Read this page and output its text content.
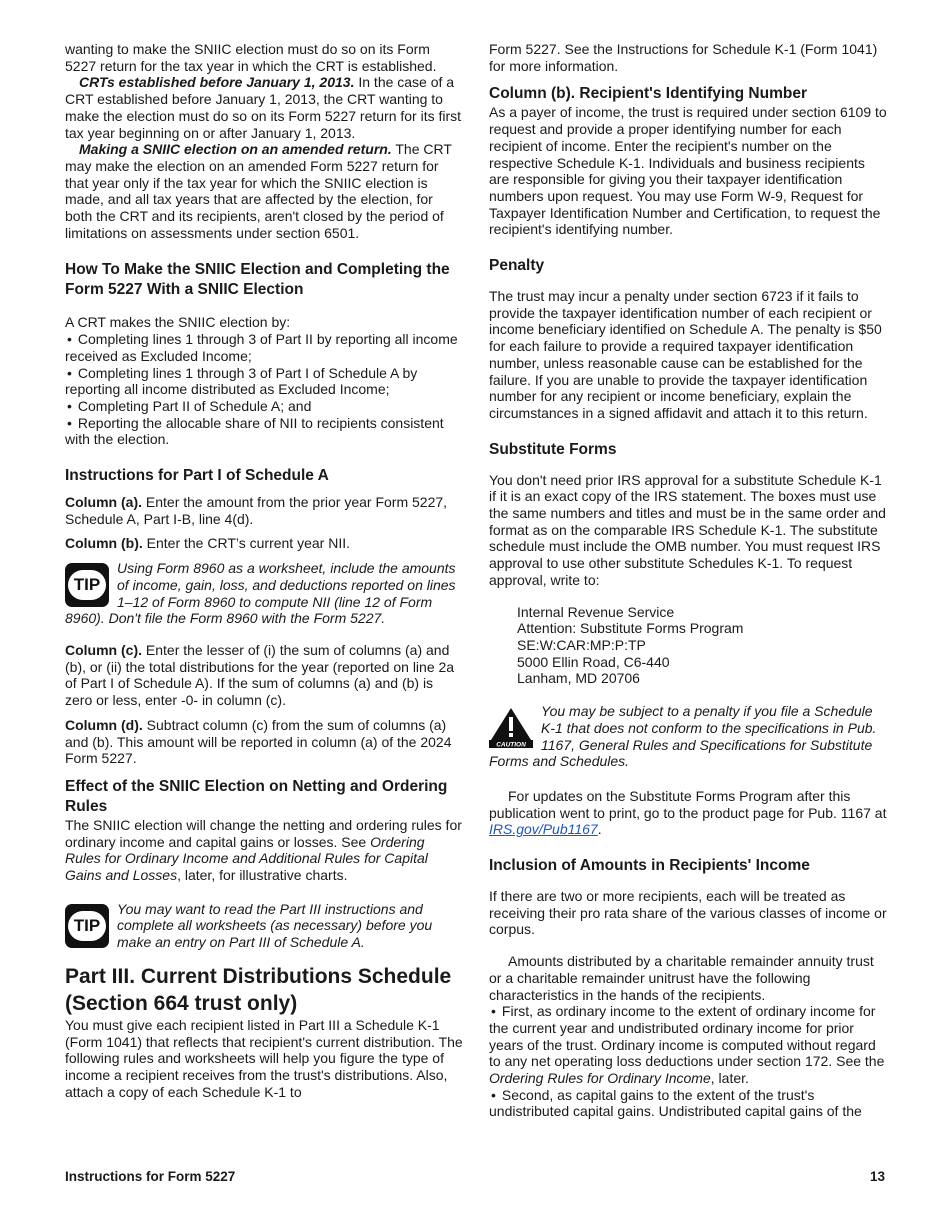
wanting to make the SNIIC election must do so on its Form 5227 return for the tax year in which the CRT is established.

CRTs established before January 1, 2013. In the case of a CRT established before January 1, 2013, the CRT wanting to make the election must do so on its Form 5227 return for its first tax year beginning on or after January 1, 2013.

Making a SNIIC election on an amended return. The CRT may make the election on an amended Form 5227 return for that year only if the tax year for which the SNIIC election is made, and all tax years that are affected by the election, for both the CRT and its recipients, aren't closed by the period of limitations on assessments under section 6501.

How To Make the SNIIC Election and Completing the Form 5227 With a SNIIC Election

A CRT makes the SNIIC election by:

• Completing lines 1 through 3 of Part II by reporting all income received as Excluded Income;
• Completing lines 1 through 3 of Part I of Schedule A by reporting all income distributed as Excluded Income;
• Completing Part II of Schedule A; and
• Reporting the allocable share of NII to recipients consistent with the election.
Instructions for Part I of Schedule A

Column (a). Enter the amount from the prior year Form 5227, Schedule A, Part I-B, line 4(d).

Column (b). Enter the CRT’s current year NII.

TIP
Using Form 8960 as a worksheet, include the amounts of income, gain, loss, and deductions reported on lines 1–12 of Form 8960 to compute NII (line 12 of Form 8960). Don't file the Form 8960 with the Form 5227.

Column (c). Enter the lesser of (i) the sum of columns (a) and (b), or (ii) the total distributions for the year (reported on line 2a of Part I of Schedule A). If the sum of columns (a) and (b) is zero or less, enter -0- in column (c).

Column (d). Subtract column (c) from the sum of columns (a) and (b). This amount will be reported in column (a) of the 2024 Form 5227.

Effect of the SNIIC Election on Netting and Ordering Rules

The SNIIC election will change the netting and ordering rules for ordinary income and capital gains or losses. See Ordering Rules for Ordinary Income and Additional Rules for Capital Gains and Losses, later, for illustrative charts.

TIP
You may want to read the Part III instructions and complete all worksheets (as necessary) before you make an entry on Part III of Schedule A.
Part III. Current Distributions Schedule (Section 664 trust only)

You must give each recipient listed in Part III a Schedule K-1 (Form 1041) that reflects that recipient's current distribution. The following rules and worksheets will help you figure the type of income a recipient receives from the trust's distributions. Also, attach a copy of each Schedule K-1 to

Form 5227. See the Instructions for Schedule K-1 (Form 1041) for more information.

Column (b). Recipient's Identifying Number

As a payer of income, the trust is required under section 6109 to request and provide a proper identifying number for each recipient of income. Enter the recipient's number on the respective Schedule K-1. Individuals and business recipients are responsible for giving you their taxpayer identification numbers upon request. You may use Form W-9, Request for Taxpayer Identification Number and Certification, to request the recipient's identifying number.

Penalty

The trust may incur a penalty under section 6723 if it fails to provide the taxpayer identification number of each recipient or income beneficiary identified on Schedule A. The penalty is $50 for each failure to provide a required taxpayer identification number, unless reasonable cause can be established for the failure. If you are unable to provide the taxpayer identification number for any recipient or income beneficiary, explain the circumstances in a signed affidavit and attach it to this return.

Substitute Forms

You don't need prior IRS approval for a substitute Schedule K-1 if it is an exact copy of the IRS statement. The boxes must use the same numbers and titles and must be in the same order and format as on the comparable IRS Schedule K-1. The substitute schedule must include the OMB number. You must request IRS approval to use other substitute Schedules K-1. To request approval, write to:

Internal Revenue Service
Attention: Substitute Forms Program
SE:W:CAR:MP:P:TP
5000 Ellin Road, C6-440
Lanham, MD 20706
CAUTION
You may be subject to a penalty if you file a Schedule K-1 that does not conform to the specifications in Pub. 1167, General Rules and Specifications for Substitute Forms and Schedules.

For updates on the Substitute Forms Program after this publication went to print, go to the product page for Pub. 1167 at IRS.gov/Pub1167.

Inclusion of Amounts in Recipients' Income

If there are two or more recipients, each will be treated as receiving their pro rata share of the various classes of income or corpus.

Amounts distributed by a charitable remainder annuity trust or a charitable remainder unitrust have the following characteristics in the hands of the recipients.

• First, as ordinary income to the extent of ordinary income for the current year and undistributed ordinary income for prior years of the trust. Ordinary income is computed without regard to any net operating loss deductions under section 172. See the Ordering Rules for Ordinary Income, later.
• Second, as capital gains to the extent of the trust's undistributed capital gains. Undistributed capital gains of the
Instructions for Form 5227	13
